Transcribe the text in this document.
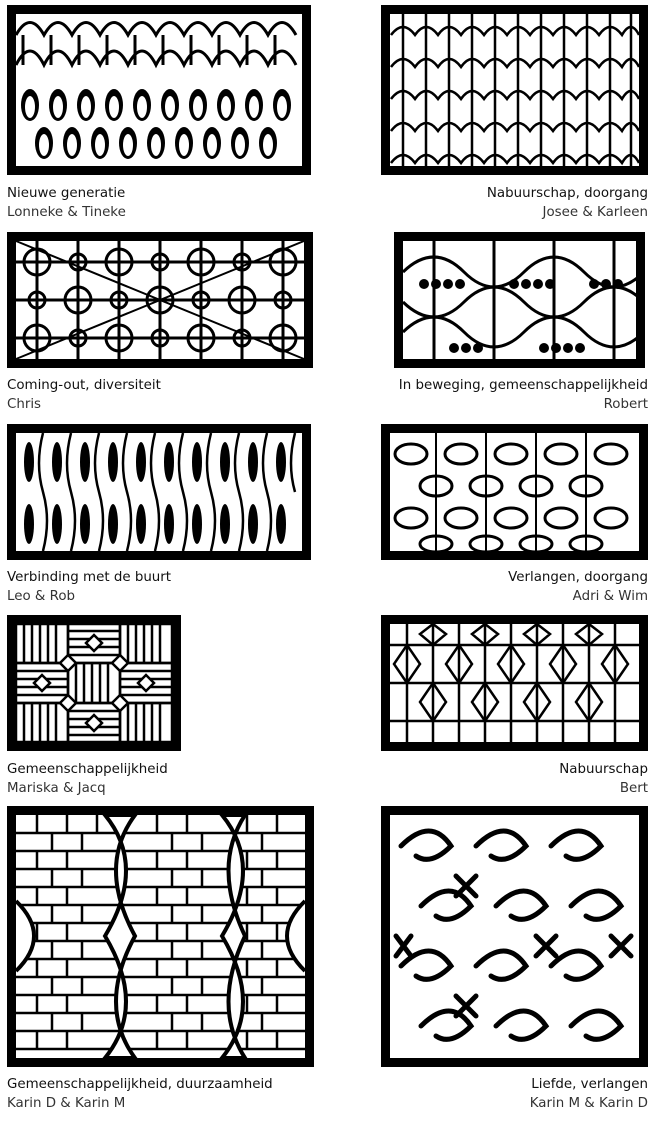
Nieuwe generatie
Lonneke & Tineke
Nabuurschap, doorgang
Josee & Karleen
Coming-out, diversiteit
Chris
In beweging, gemeenschappelijkheid
Robert
Verbinding met de buurt
Leo & Rob
Verlangen, doorgang
Adri & Wim
Gemeenschappelijkheid
Mariska & Jacq
Nabuurschap
Bert
Gemeenschappelijkheid, duurzaamheid
Karin D & Karin M
Liefde, verlangen
Karin M & Karin D
